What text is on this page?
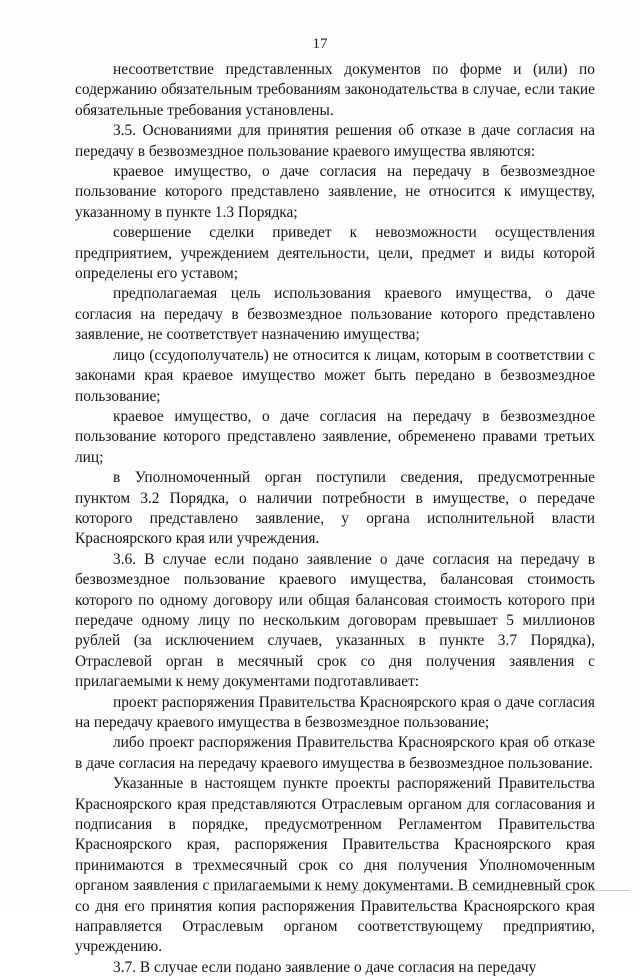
17

несоответствие представленных документов по форме и (или) по содержанию обязательным требованиям законодательства в случае, если такие обязательные требования установлены.

3.5. Основаниями для принятия решения об отказе в даче согласия на передачу в безвозмездное пользование краевого имущества являются:

краевое имущество, о даче согласия на передачу в безвозмездное пользование которого представлено заявление, не относится к имуществу, указанному в пункте 1.3 Порядка;

совершение сделки приведет к невозможности осуществления предприятием, учреждением деятельности, цели, предмет и виды которой определены его уставом;

предполагаемая цель использования краевого имущества, о даче согласия на передачу в безвозмездное пользование которого представлено заявление, не соответствует назначению имущества;

лицо (ссудополучатель) не относится к лицам, которым в соответствии с законами края краевое имущество может быть передано в безвозмездное пользование;

краевое имущество, о даче согласия на передачу в безвозмездное пользование которого представлено заявление, обременено правами третьих лиц;

в Уполномоченный орган поступили сведения, предусмотренные пунктом 3.2 Порядка, о наличии потребности в имуществе, о передаче которого представлено заявление, у органа исполнительной власти Красноярского края или учреждения.

3.6. В случае если подано заявление о даче согласия на передачу в безвозмездное пользование краевого имущества, балансовая стоимость которого по одному договору или общая балансовая стоимость которого при передаче одному лицу по нескольким договорам превышает 5 миллионов рублей (за исключением случаев, указанных в пункте 3.7 Порядка), Отраслевой орган в месячный срок со дня получения заявления с прилагаемыми к нему документами подготавливает:

проект распоряжения Правительства Красноярского края о даче согласия на передачу краевого имущества в безвозмездное пользование;

либо проект распоряжения Правительства Красноярского края об отказе в даче согласия на передачу краевого имущества в безвозмездное пользование.

Указанные в настоящем пункте проекты распоряжений Правительства Красноярского края представляются Отраслевым органом для согласования и подписания в порядке, предусмотренном Регламентом Правительства Красноярского края, распоряжения Правительства Красноярского края принимаются в трехмесячный срок со дня получения Уполномоченным органом заявления с прилагаемыми к нему документами. В семидневный срок со дня его принятия копия распоряжения Правительства Красноярского края направляется Отраслевым органом соответствующему предприятию, учреждению.

3.7. В случае если подано заявление о даче согласия на передачу
